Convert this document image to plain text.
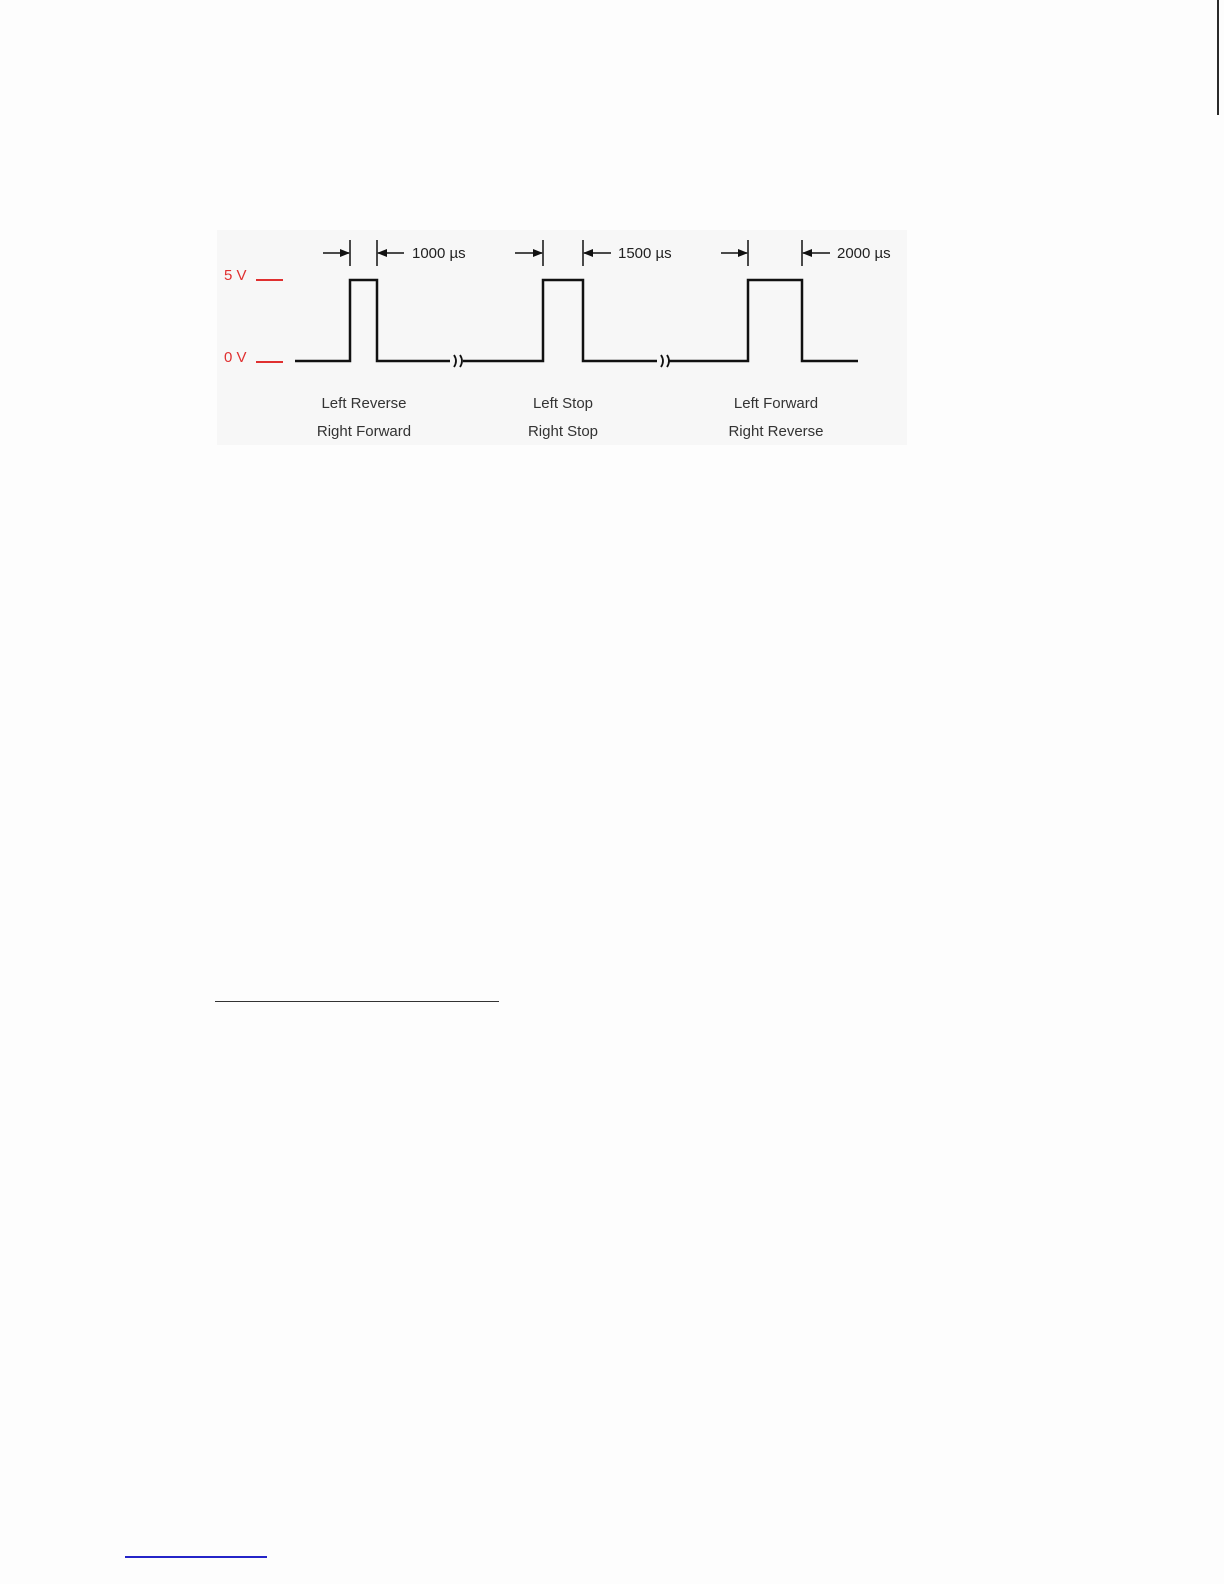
5 V
0 V
1000 µs	1500 µs	2000 µs
Left Reverse
Right Forward
Left Stop
Right Stop
Left Forward
Right Reverse
